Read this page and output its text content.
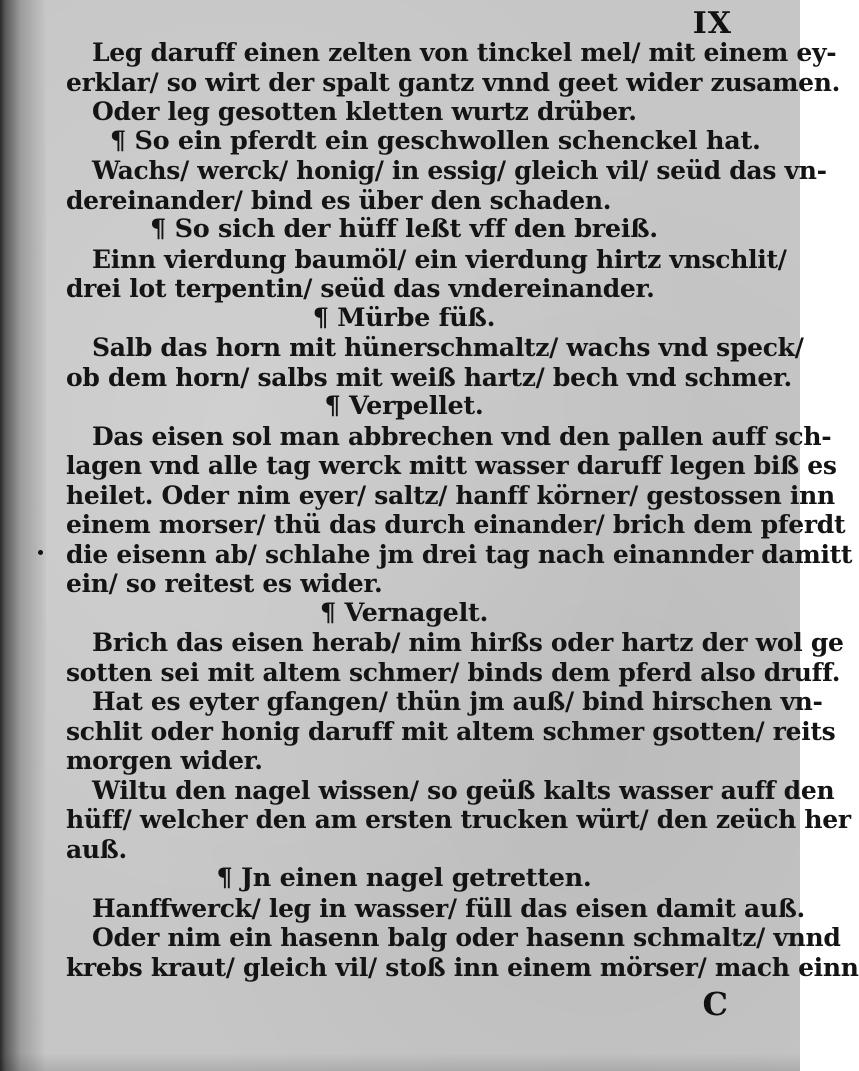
IX
Leg daruff einen zelten von tinckel mel/ mit einem ey-
erklar/ so wirt der spalt gantz vnnd geet wider zusamen.
Oder leg gesotten kletten wurtz drüber.
¶ So ein pferdt ein geschwollen schenckel hat.
Wachs/ werck/ honig/ in essig/ gleich vil/ seüd das vn-
dereinander/ bind es über den schaden.
¶ So sich der hüff leßt vff den breiß.
Einn vierdung baumöl/ ein vierdung hirtz vnschlit/
drei lot terpentin/ seüd das vndereinander.
¶ Mürbe füß.
Salb das horn mit hünerschmaltz/ wachs vnd speck/
ob dem horn/ salbs mit weiß hartz/ bech vnd schmer.
¶ Verpellet.
Das eisen sol man abbrechen vnd den pallen auff sch-
lagen vnd alle tag werck mitt wasser daruff legen biß es
heilet. Oder nim eyer/ saltz/ hanff körner/ gestossen inn
einem morser/ thü das durch einander/ brich dem pferdt
die eisenn ab/ schlahe jm drei tag nach einannder damitt
ein/ so reitest es wider.
¶ Vernagelt.
Brich das eisen herab/ nim hirßs oder hartz der wol ge
sotten sei mit altem schmer/ binds dem pferd also druff.
Hat es eyter gfangen/ thün jm auß/ bind hirschen vn-
schlit oder honig daruff mit altem schmer gsotten/ reits
morgen wider.
Wiltu den nagel wissen/ so geüß kalts wasser auff den
hüff/ welcher den am ersten trucken würt/ den zeüch her
auß.
¶ Jn einen nagel getretten.
Hanffwerck/ leg in wasser/ füll das eisen damit auß.
Oder nim ein hasenn balg oder hasenn schmaltz/ vnnd
krebs kraut/ gleich vil/ stoß inn einem mörser/ mach einn
C
